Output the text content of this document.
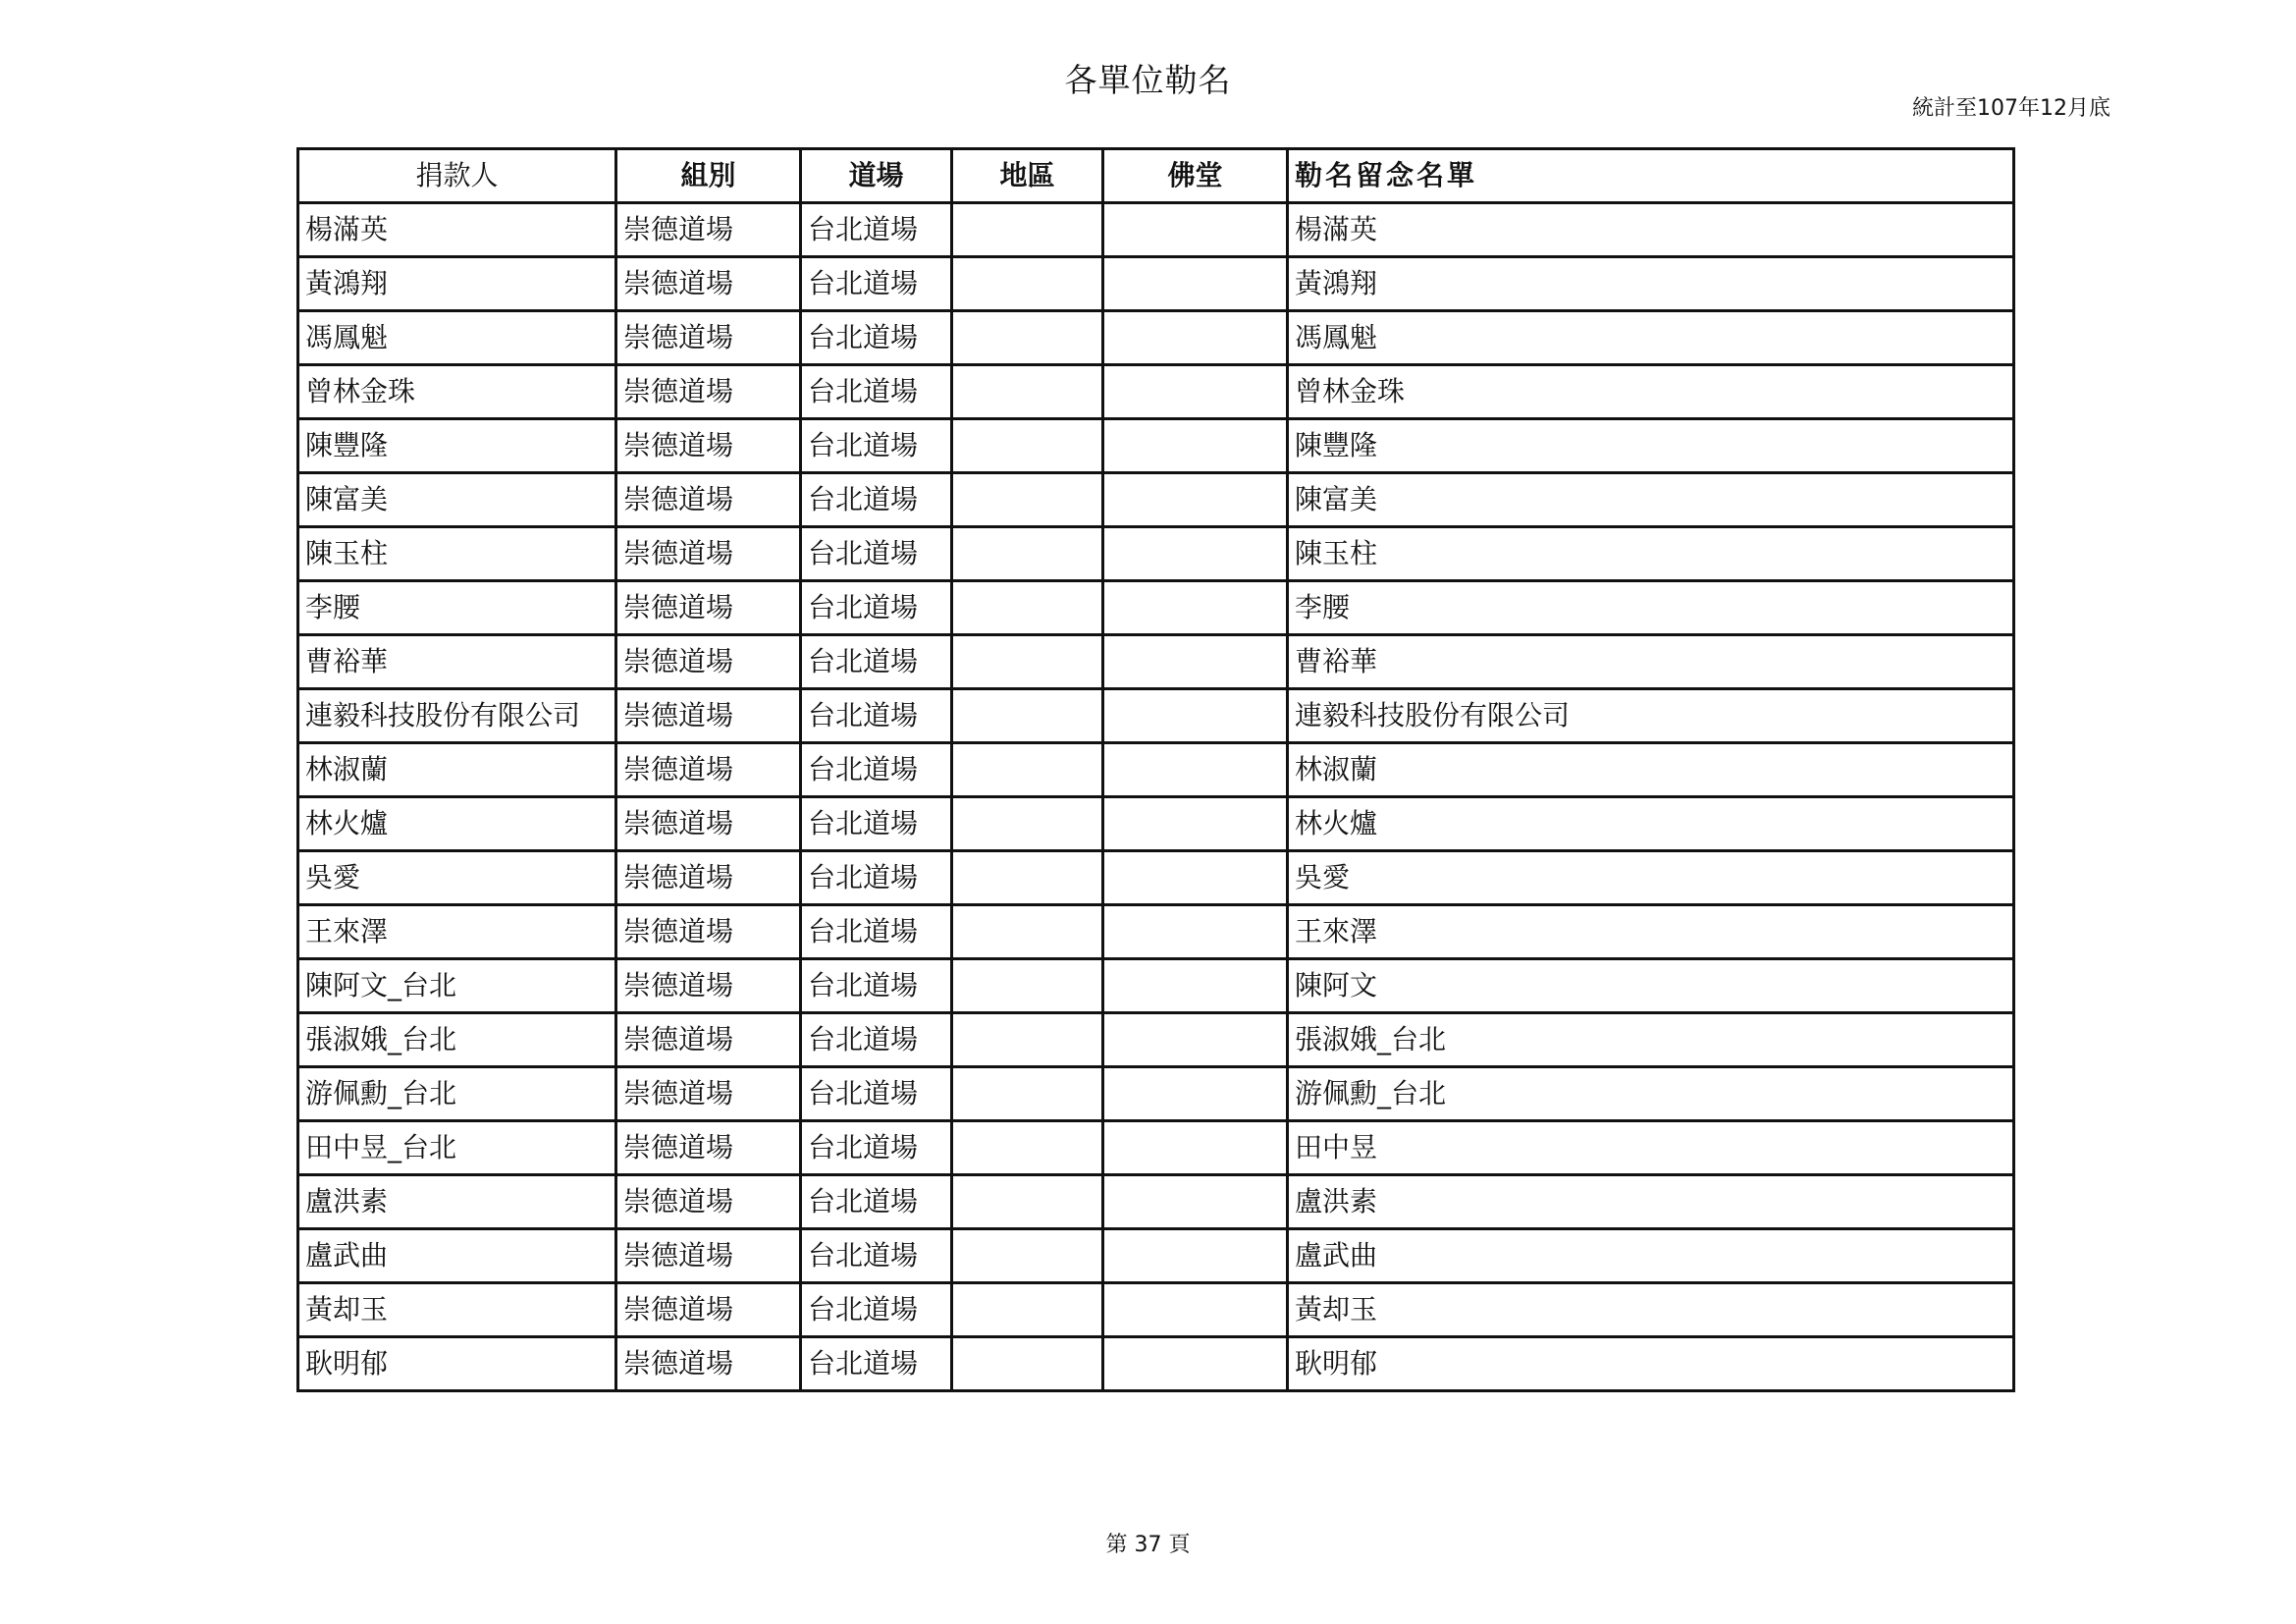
各單位勒名
統計至107年12月底
捐款人	組別	道場	地區	佛堂	勒名留念名單
楊滿英	崇德道場	台北道場			楊滿英
黃鴻翔	崇德道場	台北道場			黃鴻翔
馮鳳魁	崇德道場	台北道場			馮鳳魁
曾林金珠	崇德道場	台北道場			曾林金珠
陳豐隆	崇德道場	台北道場			陳豐隆
陳富美	崇德道場	台北道場			陳富美
陳玉柱	崇德道場	台北道場			陳玉柱
李腰	崇德道場	台北道場			李腰
曹裕華	崇德道場	台北道場			曹裕華
連毅科技股份有限公司	崇德道場	台北道場			連毅科技股份有限公司
林淑蘭	崇德道場	台北道場			林淑蘭
林火爐	崇德道場	台北道場			林火爐
吳愛	崇德道場	台北道場			吳愛
王來澤	崇德道場	台北道場			王來澤
陳阿文_台北	崇德道場	台北道場			陳阿文
張淑娥_台北	崇德道場	台北道場			張淑娥_台北
游佩勳_台北	崇德道場	台北道場			游佩勳_台北
田中昱_台北	崇德道場	台北道場			田中昱
盧洪素	崇德道場	台北道場			盧洪素
盧武曲	崇德道場	台北道場			盧武曲
黃却玉	崇德道場	台北道場			黃却玉
耿明郁	崇德道場	台北道場			耿明郁
第 37 頁
